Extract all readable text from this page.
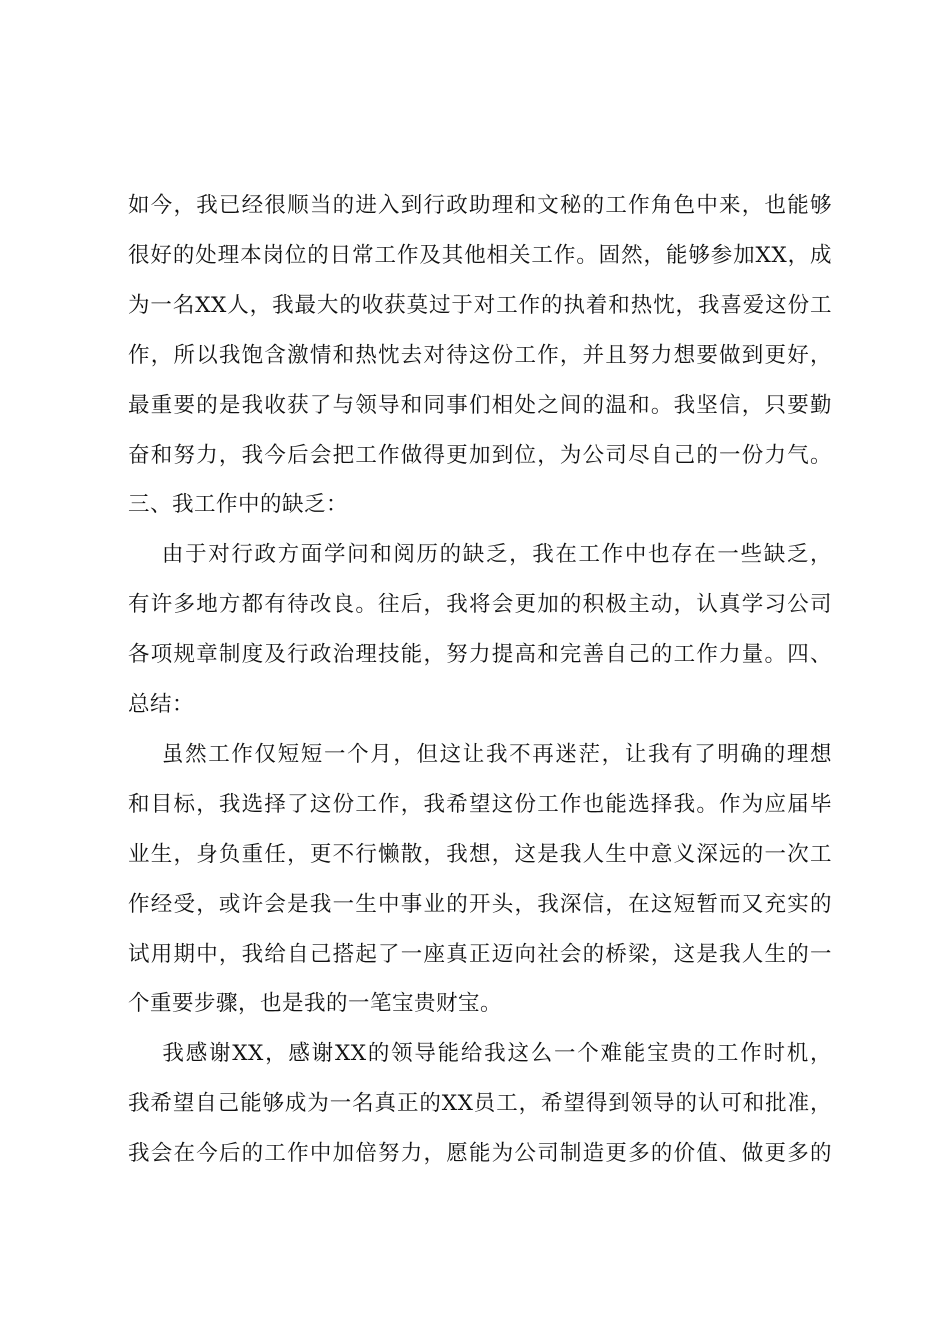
如今，我已经很顺当的进入到行政助理和文秘的工作角色中来，也能够
很好的处理本岗位的日常工作及其他相关工作。固然，能够参加XX，成
为一名XX人，我最大的收获莫过于对工作的执着和热忱，我喜爱这份工
作，所以我饱含激情和热忱去对待这份工作，并且努力想要做到更好，
最重要的是我收获了与领导和同事们相处之间的温和。我坚信，只要勤
奋和努力，我今后会把工作做得更加到位，为公司尽自己的一份力气。
三、我工作中的缺乏：
由于对行政方面学问和阅历的缺乏，我在工作中也存在一些缺乏，
有许多地方都有待改良。往后，我将会更加的积极主动，认真学习公司
各项规章制度及行政治理技能，努力提高和完善自己的工作力量。四、
总结：
虽然工作仅短短一个月，但这让我不再迷茫，让我有了明确的理想
和目标，我选择了这份工作，我希望这份工作也能选择我。作为应届毕
业生，身负重任，更不行懒散，我想，这是我人生中意义深远的一次工
作经受，或许会是我一生中事业的开头，我深信，在这短暂而又充实的
试用期中，我给自己搭起了一座真正迈向社会的桥梁，这是我人生的一
个重要步骤，也是我的一笔宝贵财宝。
我感谢XX，感谢XX的领导能给我这么一个难能宝贵的工作时机，
我希望自己能够成为一名真正的XX员工，希望得到领导的认可和批准，
我会在今后的工作中加倍努力，愿能为公司制造更多的价值、做更多的
